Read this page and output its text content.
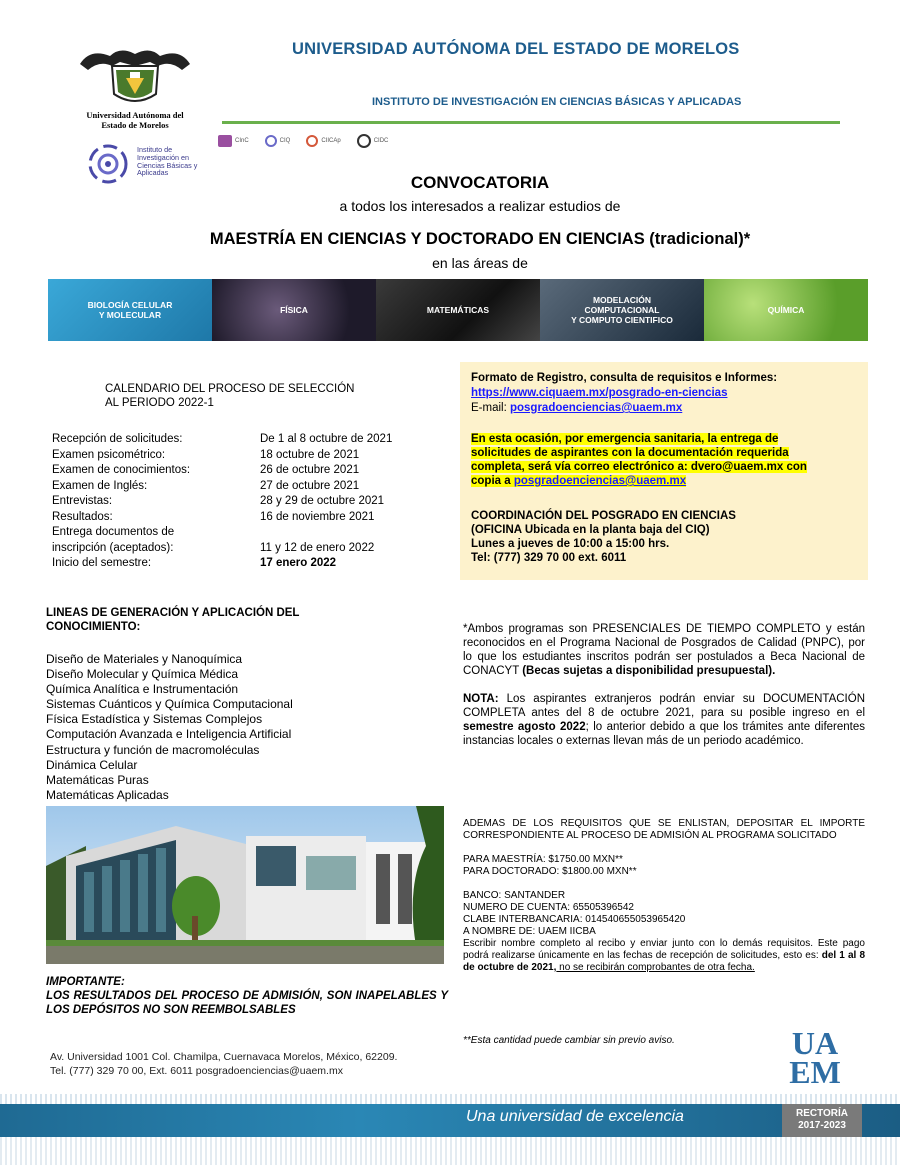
Universidad Autónoma del
Estado de Morelos
UNIVERSIDAD AUTÓNOMA DEL ESTADO DE MORELOS
INSTITUTO DE INVESTIGACIÓN EN CIENCIAS BÁSICAS Y APLICADAS
Instituto de Investigación en Ciencias Básicas y Aplicadas
CInC	CIQ	CIICAp	CIDC
CONVOCATORIA
a todos los interesados a realizar estudios de
MAESTRÍA EN CIENCIAS Y DOCTORADO EN CIENCIAS (tradicional)*
en las áreas de
BIOLOGÍA CELULAR
Y MOLECULAR	FÍSICA	MATEMÁTICAS
MODELACIÓN
COMPUTACIONAL
Y COMPUTO CIENTIFICO
QUÍMICA
CALENDARIO DEL PROCESO DE SELECCIÓN
AL PERIODO 2022-1
Recepción de solicitudes:	De 1 al 8 octubre de 2021
Examen psicométrico:	18 octubre de 2021
Examen de conocimientos:	26 de octubre 2021
Examen de Inglés:	27 de octubre 2021
Entrevistas:	28 y 29 de octubre 2021
Resultados:	16 de noviembre 2021
Entrega documentos de
inscripción (aceptados):	11 y 12 de enero 2022
Inicio del semestre:	17 enero 2022
Formato de Registro, consulta de requisitos e Informes:
https://www.ciquaem.mx/posgrado-en-ciencias
E-mail: posgradoenciencias@uaem.mx
En esta ocasión, por emergencia sanitaria, la entrega de
solicitudes de aspirantes con la documentación requerida
completa, será vía correo electrónico a: dvero@uaem.mx con
copia a posgradoenciencias@uaem.mx
COORDINACIÓN DEL POSGRADO EN CIENCIAS
(OFICINA Ubicada en la planta baja del CIQ)
Lunes a jueves de 10:00 a 15:00 hrs.
Tel: (777) 329 70 00 ext. 6011
LINEAS DE GENERACIÓN Y APLICACIÓN DEL CONOCIMIENTO:
Diseño de Materiales y Nanoquímica
Diseño Molecular y Química Médica
Química Analítica e Instrumentación
Sistemas Cuánticos y Química Computacional
Física Estadística y Sistemas Complejos
Computación Avanzada e Inteligencia Artificial
Estructura y función de macromoléculas
Dinámica Celular
Matemáticas Puras
Matemáticas Aplicadas
IMPORTANTE:
LOS RESULTADOS DEL PROCESO DE ADMISIÓN, SON INAPELABLES Y LOS DEPÓSITOS NO SON REEMBOLSABLES
Av. Universidad 1001 Col. Chamilpa, Cuernavaca Morelos, México, 62209.
Tel. (777) 329 70 00, Ext. 6011 posgradoenciencias@uaem.mx
*Ambos programas son PRESENCIALES DE TIEMPO COMPLETO y están reconocidos en el Programa Nacional de Posgrados de Calidad (PNPC), por lo que los estudiantes inscritos podrán ser postulados a Beca Nacional de CONACYT (Becas sujetas a disponibilidad presupuestal).
NOTA: Los aspirantes extranjeros podrán enviar su DOCUMENTACIÓN COMPLETA antes del 8 de octubre 2021, para su posible ingreso en el semestre agosto 2022; lo anterior debido a que los trámites ante diferentes instancias locales o externas llevan más de un periodo académico.
ADEMAS DE LOS REQUISITOS QUE SE ENLISTAN, DEPOSITAR EL IMPORTE CORRESPONDIENTE AL PROCESO DE ADMISIÓN AL PROGRAMA SOLICITADO
PARA MAESTRÍA: $1750.00 MXN**
PARA DOCTORADO: $1800.00 MXN**
BANCO: SANTANDER
NUMERO DE CUENTA: 65505396542
CLABE INTERBANCARIA: 014540655053965420
A NOMBRE DE: UAEM IICBA
Escribir nombre completo al recibo y enviar junto con lo demás requisitos. Este pago podrá realizarse únicamente en las fechas de recepción de solicitudes, esto es: del 1 al 8 de octubre de 2021, no se recibirán comprobantes de otra fecha.
**Esta cantidad puede cambiar sin previo aviso.	UA
EM
Una universidad de excelencia	RECTORÍA
2017-2023
